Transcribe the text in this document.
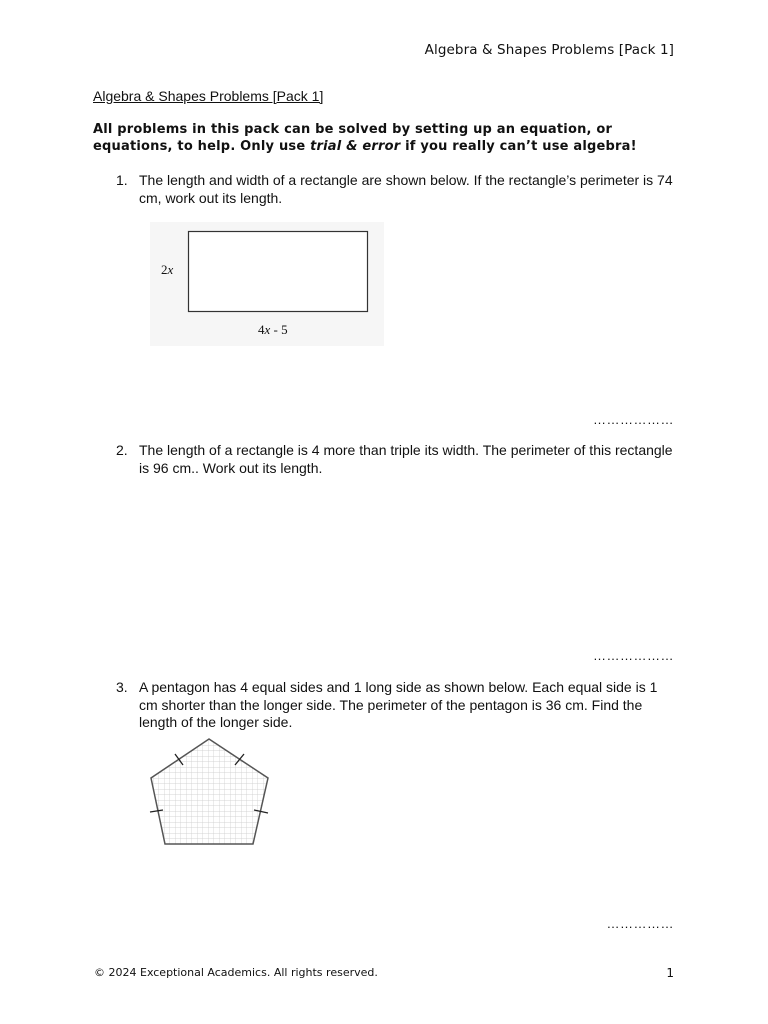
Algebra & Shapes Problems [Pack 1]
Algebra & Shapes Problems [Pack 1]
All problems in this pack can be solved by setting up an equation, or equations, to help. Only use trial & error if you really can’t use algebra!
1. The length and width of a rectangle are shown below. If the rectangle’s perimeter is 74 cm, work out its length.
2x
4x - 5
………………
2. The length of a rectangle is 4 more than triple its width. The perimeter of this rectangle is 96 cm.. Work out its length.
………………
3. A pentagon has 4 equal sides and 1 long side as shown below. Each equal side is 1 cm shorter than the longer side. The perimeter of the pentagon is 36 cm. Find the length of the longer side.
……………
© 2024 Exceptional Academics. All rights reserved.	1
